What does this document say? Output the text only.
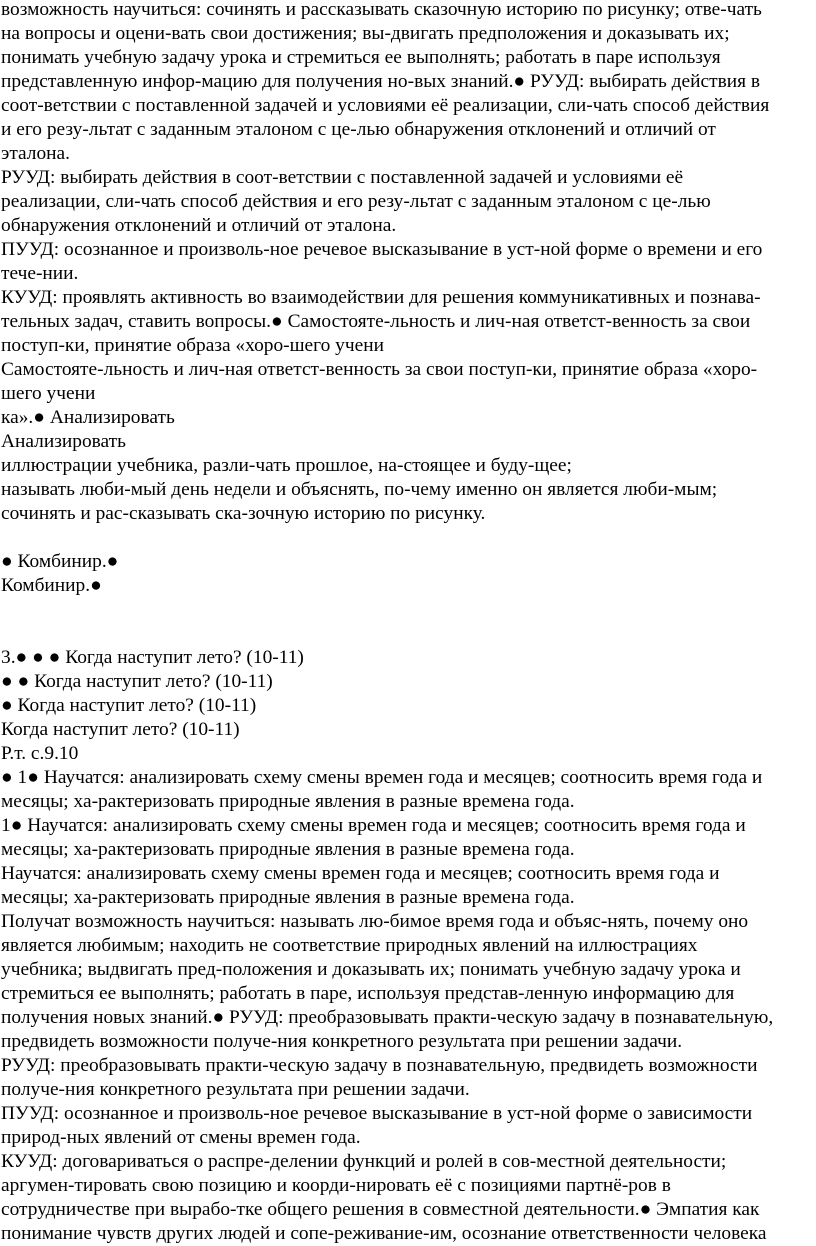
возможность научиться: сочинять и рассказывать сказочную историю по рисунку; отве-чать
на вопросы и оцени-вать свои достижения; вы-двигать предположения и доказывать их;
понимать учебную задачу урока и стремиться ее выполнять; работать в паре используя
представленную инфор-мацию для получения но-вых знаний.● РУУД: выбирать действия в
соот-ветствии с поставленной задачей и условиями её реализации, сли-чать способ действия
и его резу-льтат с заданным эталоном с це-лью обнаружения отклонений и отличий от
эталона.
РУУД: выбирать действия в соот-ветствии с поставленной задачей и условиями её
реализации, сли-чать способ действия и его резу-льтат с заданным эталоном с це-лью
обнаружения отклонений и отличий от эталона.
ПУУД: осознанное и произволь-ное речевое высказывание в уст-ной форме о времени и его
тече-нии.
КУУД: проявлять активность во взаимодействии для решения коммуникативных и познава-
тельных задач, ставить вопросы.● Самостояте-льность и лич-ная ответст-венность за свои
поступ-ки, принятие образа «хоро-шего учени
Самостояте-льность и лич-ная ответст-венность за свои поступ-ки, принятие образа «хоро-
шего учени
ка».● Анализировать
Анализировать
иллюстрации учебника, разли-чать прошлое, на-стоящее и буду-щее;
называть люби-мый день недели и объяснять, по-чему именно он является люби-мым;
сочинять и рас-сказывать ска-зочную историю по рисунку.
● Комбинир.●
Комбинир.●
3.● ● ● Когда наступит лето? (10-11)
● ● Когда наступит лето? (10-11)
● Когда наступит лето? (10-11)
Когда наступит лето? (10-11)
Р.т. с.9.10
● 1● Научатся: анализировать схему смены времен года и месяцев; соотносить время года и
месяцы; ха-рактеризовать природные явления в разные времена года.
1● Научатся: анализировать схему смены времен года и месяцев; соотносить время года и
месяцы; ха-рактеризовать природные явления в разные времена года.
Научатся: анализировать схему смены времен года и месяцев; соотносить время года и
месяцы; ха-рактеризовать природные явления в разные времена года.
Получат возможность научиться: называть лю-бимое время года и объяс-нять, почему оно
является любимым; находить не соответствие природных явлений на иллюстрациях
учебника; выдвигать пред-положения и доказывать их; понимать учебную задачу урока и
стремиться ее выполнять; работать в паре, используя представ-ленную информацию для
получения новых знаний.● РУУД: преобразовывать практи-ческую задачу в познавательную,
предвидеть возможности получе-ния конкретного результата при решении задачи.
РУУД: преобразовывать практи-ческую задачу в познавательную, предвидеть возможности
получе-ния конкретного результата при решении задачи.
ПУУД: осознанное и произволь-ное речевое высказывание в уст-ной форме о зависимости
природ-ных явлений от смены времен года.
КУУД: договариваться о распре-делении функций и ролей в сов-местной деятельности;
аргумен-тировать свою позицию и коорди-нировать её с позициями партнё-ров в
сотрудничестве при вырабо-тке общего решения в совместной деятельности.● Эмпатия как
понимание чувств других людей и сопе-реживание-им, осознание ответственности человека
